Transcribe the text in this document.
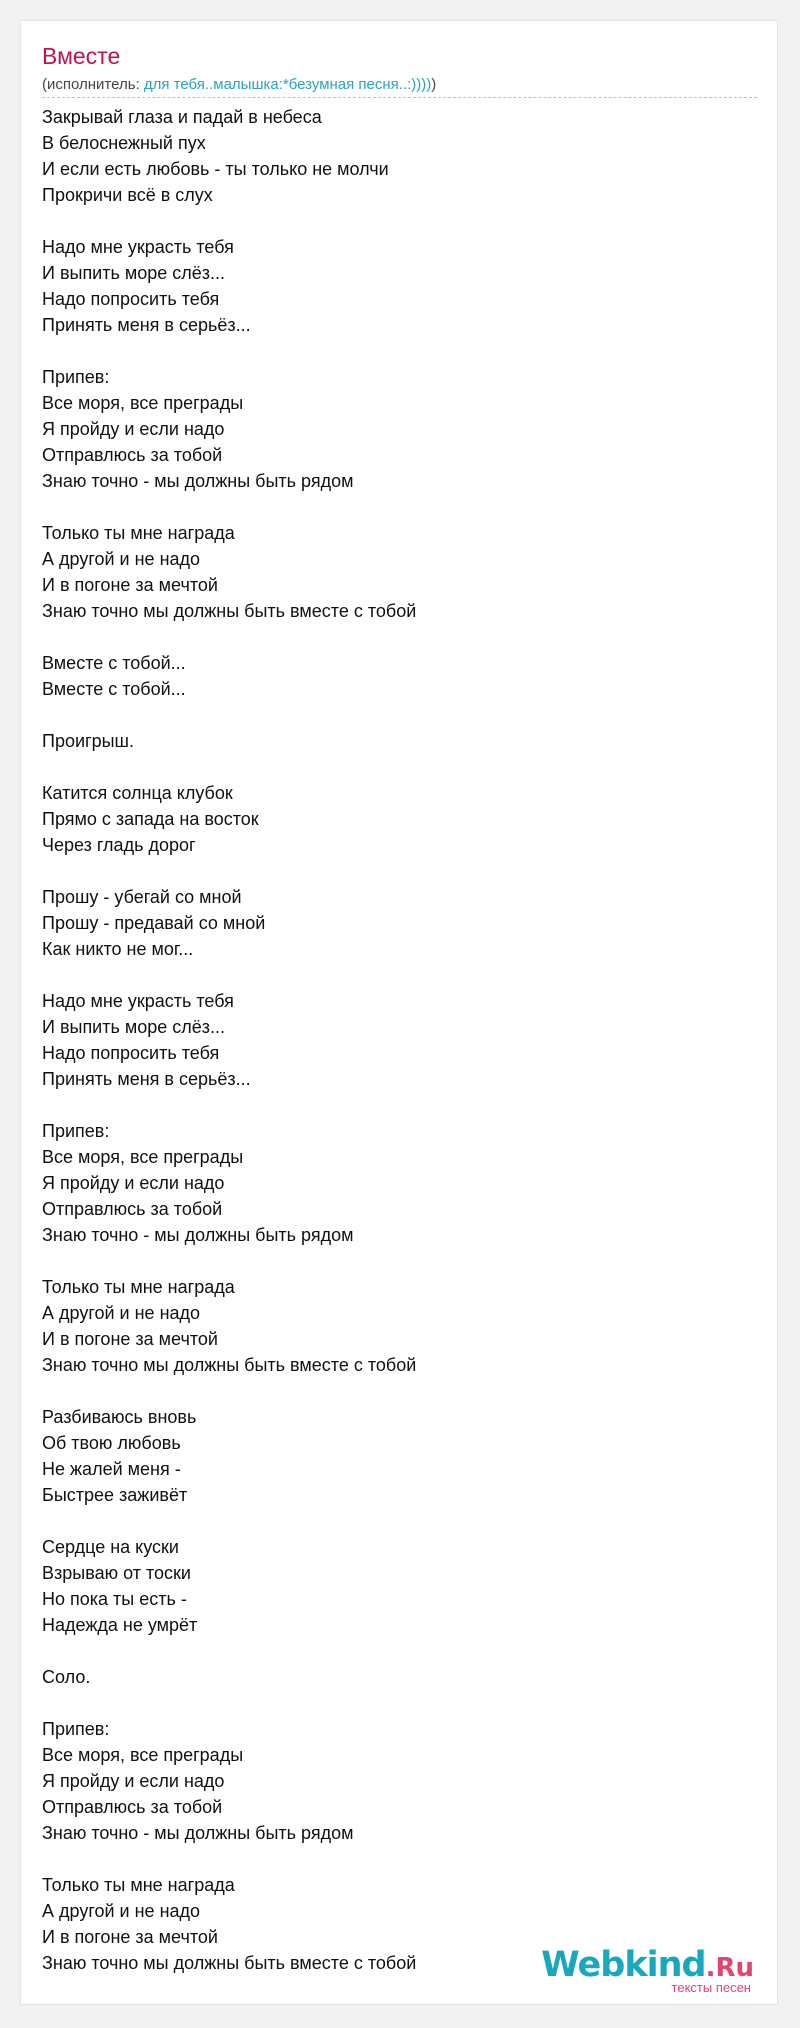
Вместе
(исполнитель: для тебя..малышка:*безумная песня..:)))))
Закрывай глаза и падай в небеса
В белоснежный пух
И если есть любовь - ты только не молчи
Прокричи всё в слух
Надо мне украсть тебя
И выпить море слёз...
Надо попросить тебя
Принять меня в серьёз...
Припев:
Все моря, все преграды
Я пройду и если надо
Отправлюсь за тобой
Знаю точно - мы должны быть рядом
Только ты мне награда
А другой и не надо
И в погоне за мечтой
Знаю точно мы должны быть вместе с тобой
Вместе с тобой...
Вместе с тобой...
Проигрыш.
Катится солнца клубок
Прямо с запада на восток
Через гладь дорог
Прошу - убегай со мной
Прошу - предавай со мной
Как никто не мог...
Надо мне украсть тебя
И выпить море слёз...
Надо попросить тебя
Принять меня в серьёз...
Припев:
Все моря, все преграды
Я пройду и если надо
Отправлюсь за тобой
Знаю точно - мы должны быть рядом
Только ты мне награда
А другой и не надо
И в погоне за мечтой
Знаю точно мы должны быть вместе с тобой
Разбиваюсь вновь
Об твою любовь
Не жалей меня -
Быстрее заживёт
Сердце на куски
Взрываю от тоски
Но пока ты есть -
Надежда не умрёт
Соло.
Припев:
Все моря, все преграды
Я пройду и если надо
Отправлюсь за тобой
Знаю точно - мы должны быть рядом
Только ты мне награда
А другой и не надо
И в погоне за мечтой
Знаю точно мы должны быть вместе с тобой	Webkind.Ru
тексты песен
